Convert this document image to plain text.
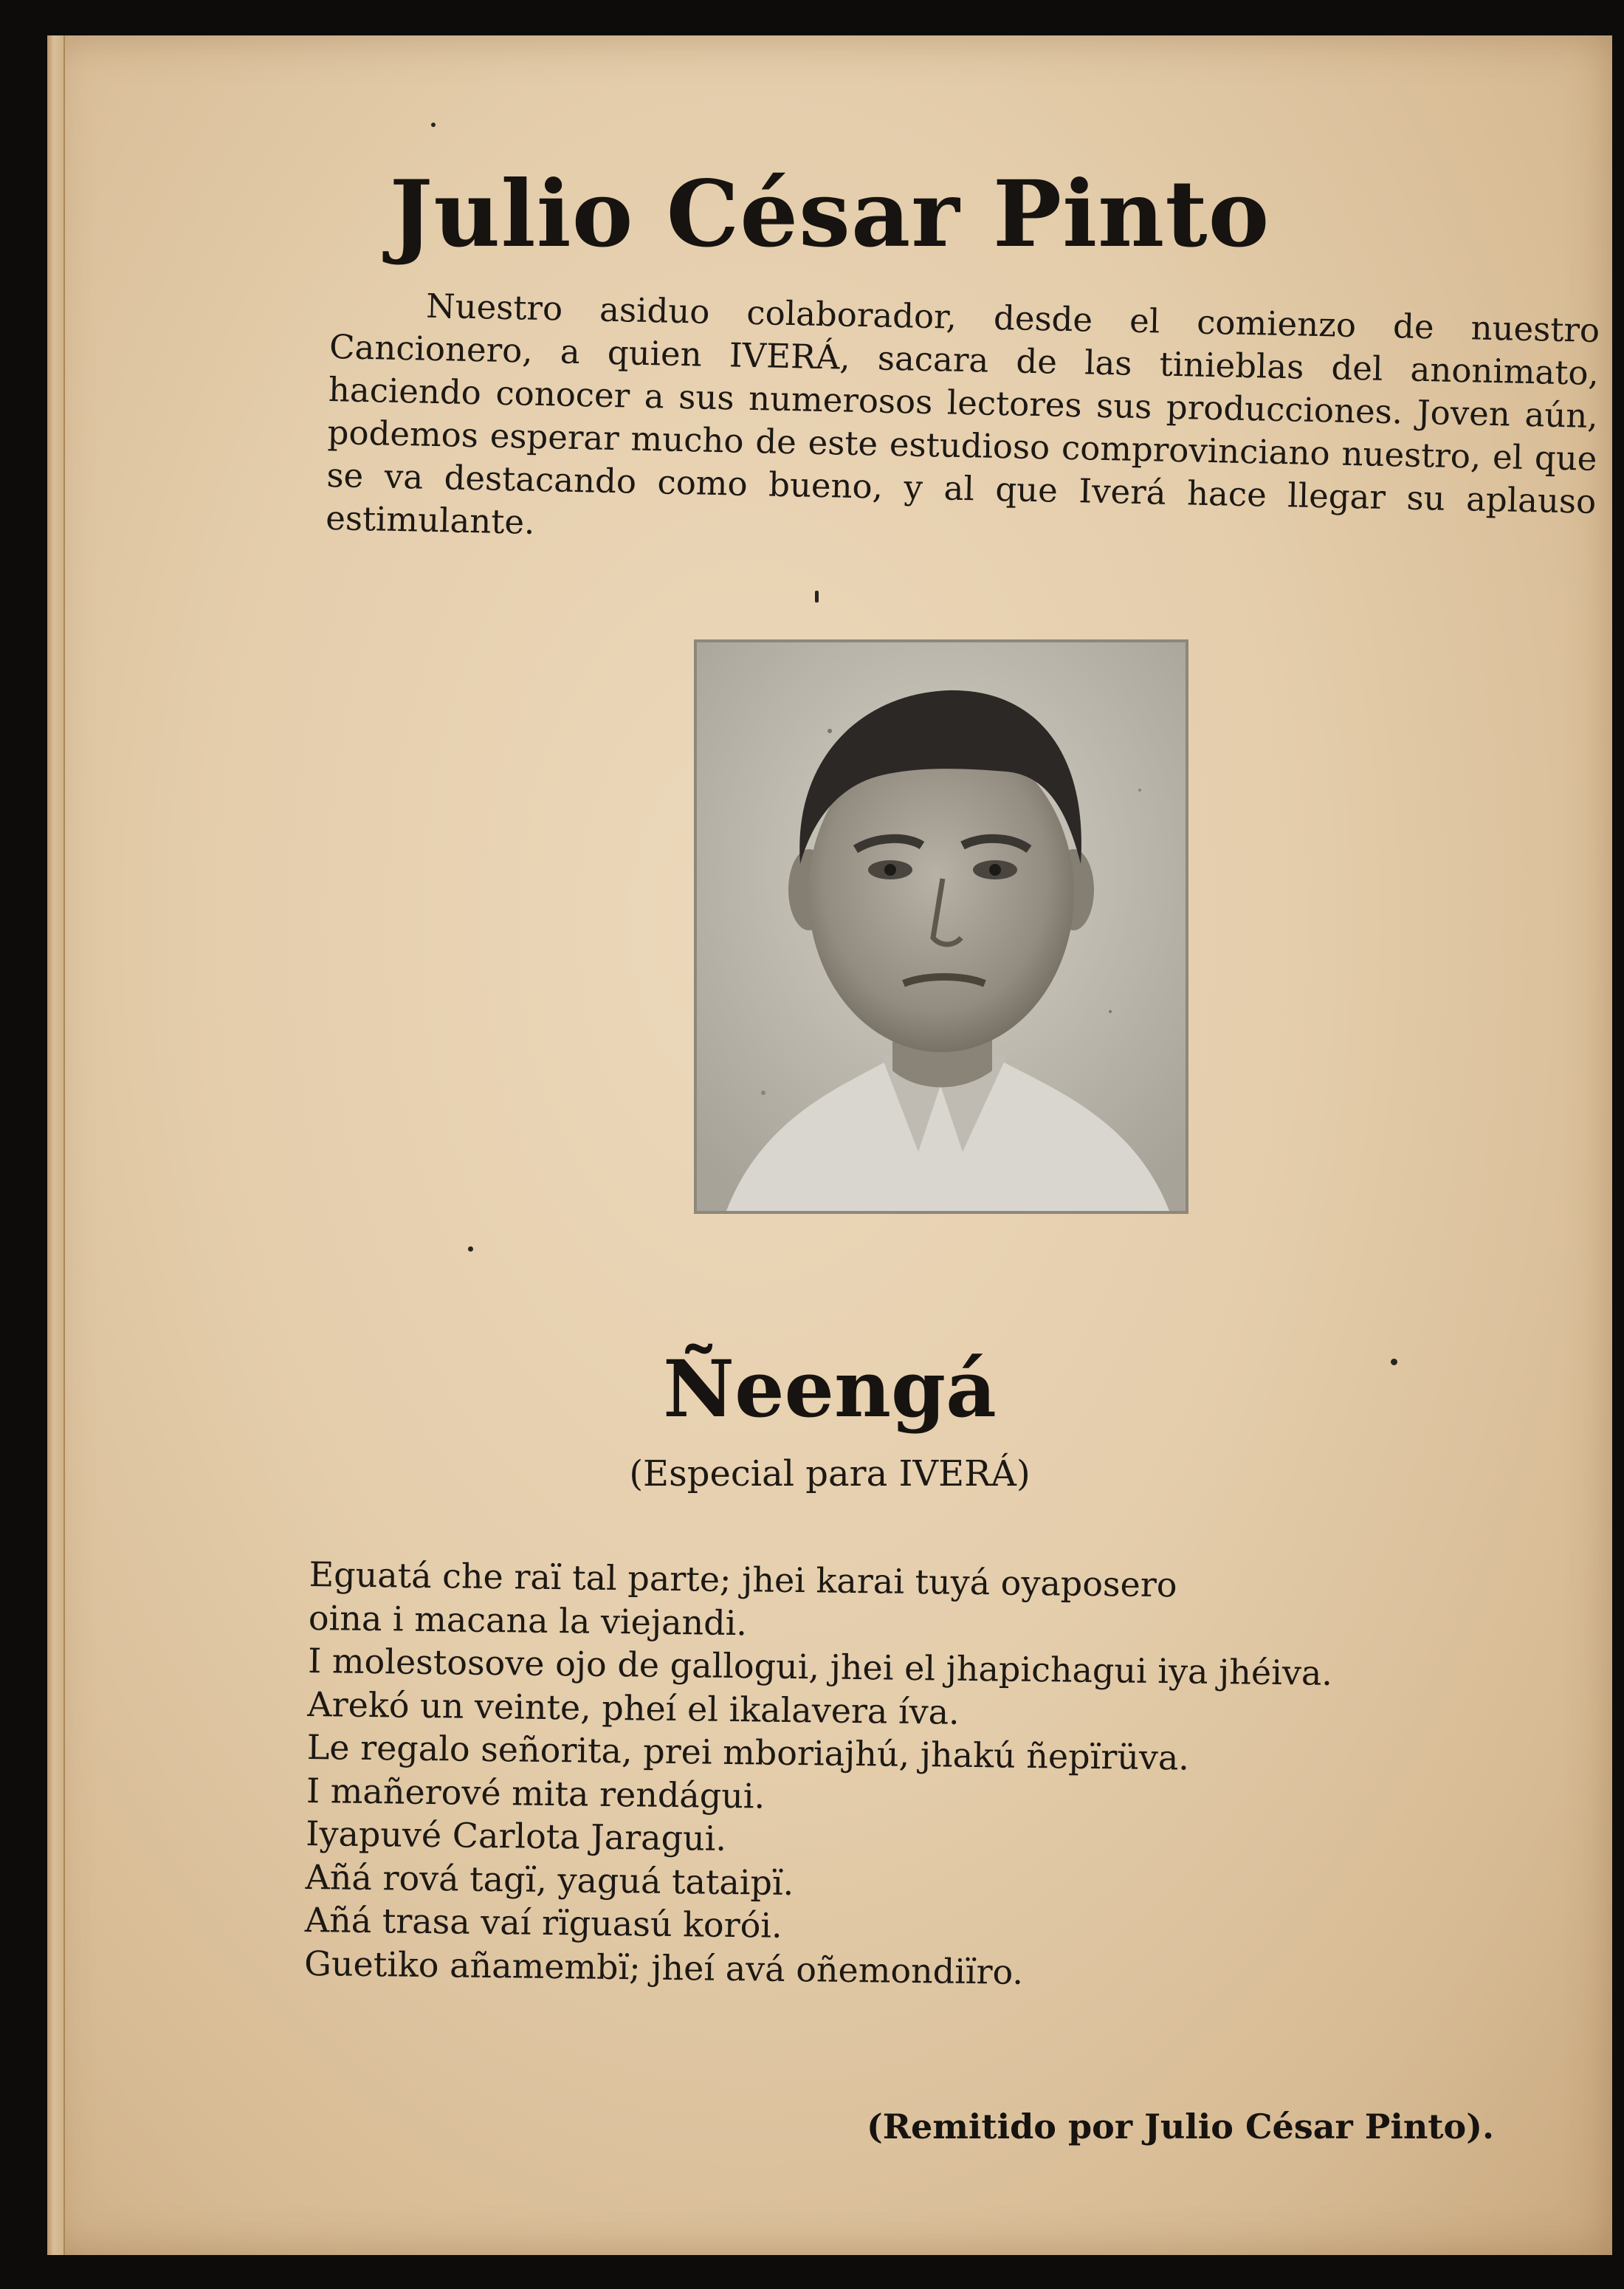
Julio César Pinto

Nuestro asiduo colaborador, desde el comienzo de nuestro Cancionero, a quien IVERÁ, sacara de las tinieblas del anonimato, haciendo conocer a sus numerosos lectores sus producciones. Joven aún, podemos esperar mucho de este estudioso comprovinciano nuestro, el que se va destacando como bueno, y al que Iverá hace llegar su aplauso estimulante.

Ñeengá
(Especial para IVERÁ)
Eguatá che raï tal parte; jhei karai tuyá oyaposero
oina i macana la viejandi.
I molestosove ojo de gallogui, jhei el jhapichagui iya jhéiva.
Arekó un veinte, pheí el ikalavera íva.
Le regalo señorita, prei mboriajhú, jhakú ñepïrüva.
I mañerové mita rendágui.
Iyapuvé Carlota Jaragui.
Añá rová tagï, yaguá tataipï.
Añá trasa vaí rïguasú korói.
Guetiko añamembï; jheí avá oñemondiïro.
(Remitido por Julio César Pinto).
